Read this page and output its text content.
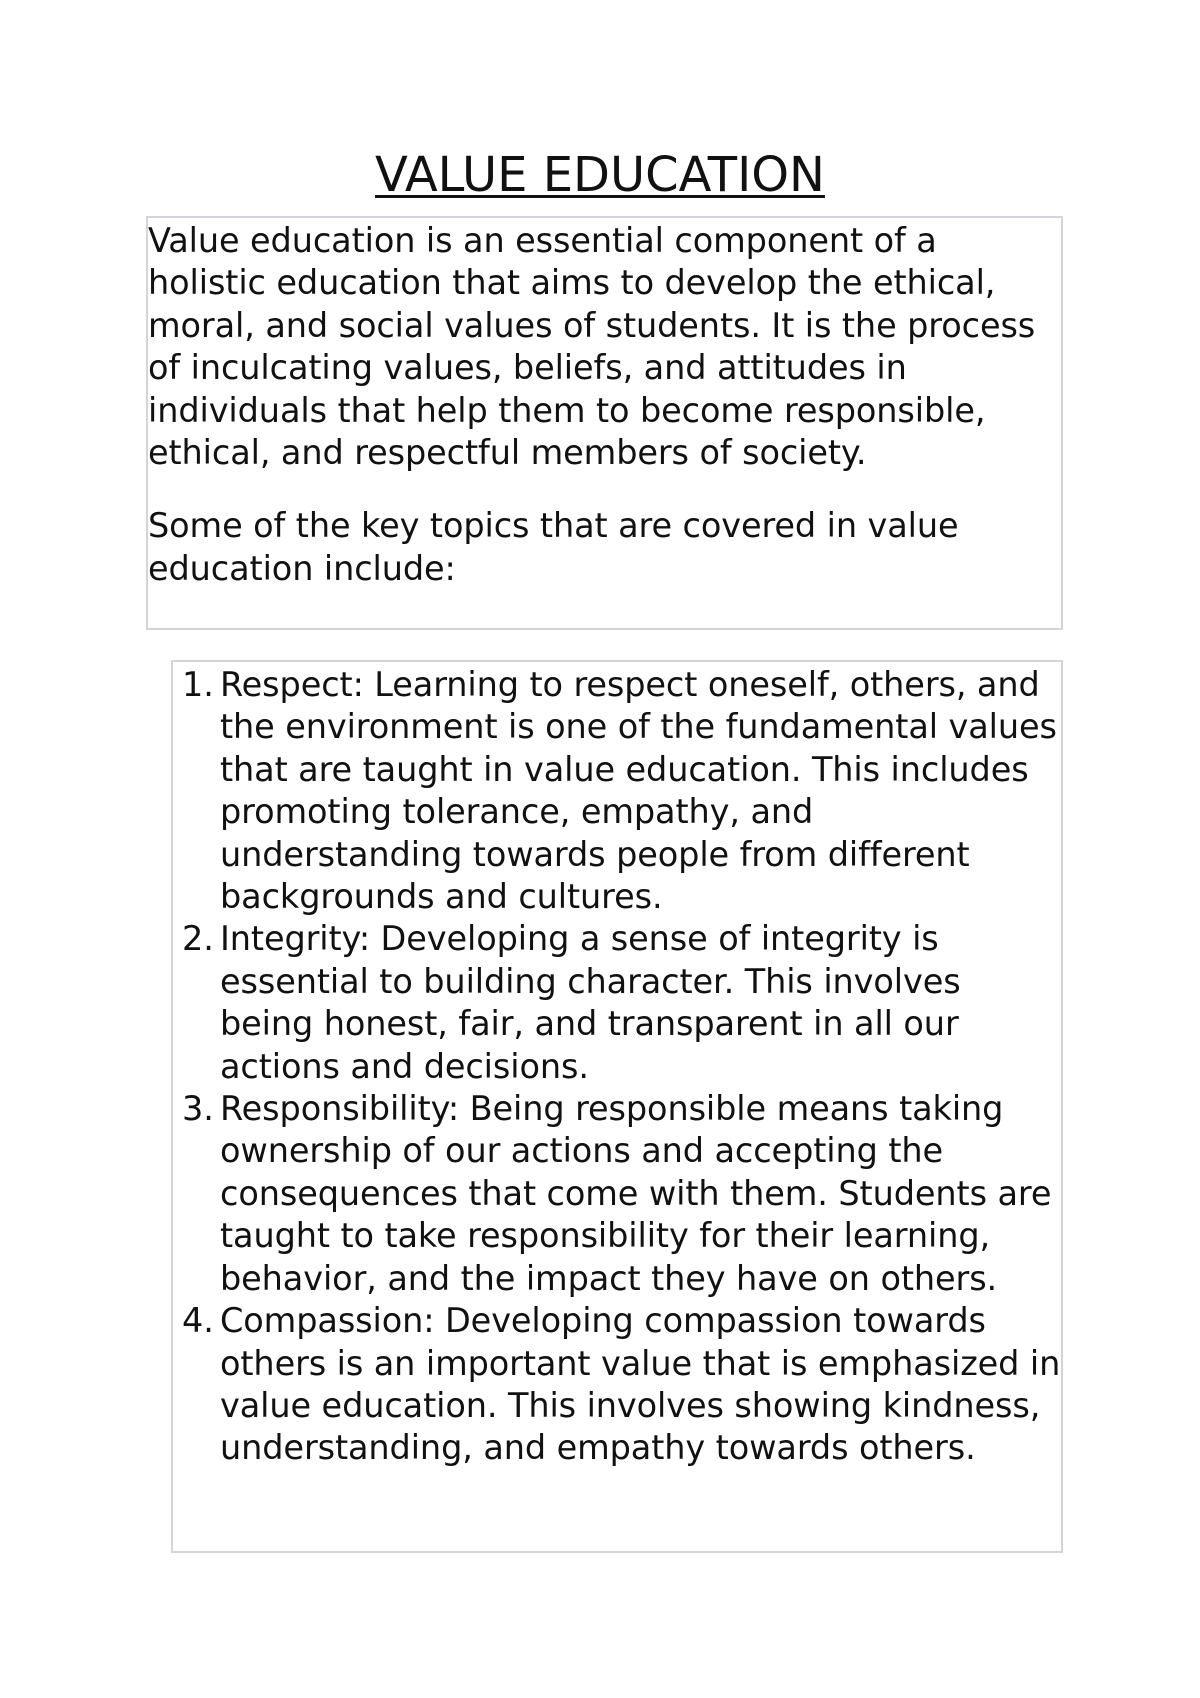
VALUE EDUCATION

Value education is an essential component of a holistic education that aims to develop the ethical, moral, and social values of students. It is the process of inculcating values, beliefs, and attitudes in individuals that help them to become responsible, ethical, and respectful members of society.

Some of the key topics that are covered in value education include:

1. Respect: Learning to respect oneself, others, and the environment is one of the fundamental values that are taught in value education. This includes promoting tolerance, empathy, and understanding towards people from different backgrounds and cultures.
2. Integrity: Developing a sense of integrity is essential to building character. This involves being honest, fair, and transparent in all our actions and decisions.
3. Responsibility: Being responsible means taking ownership of our actions and accepting the consequences that come with them. Students are taught to take responsibility for their learning, behavior, and the impact they have on others.
4. Compassion: Developing compassion towards others is an important value that is emphasized in value education. This involves showing kindness, understanding, and empathy towards others.
